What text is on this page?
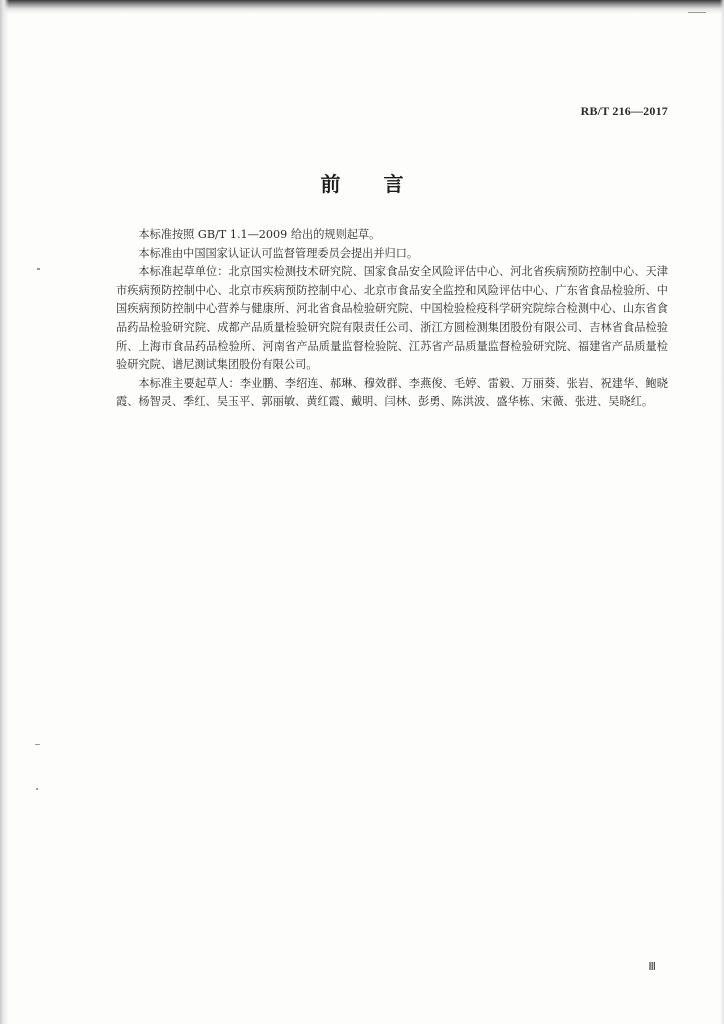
RB/T 216—2017
前 言

本标准按照 GB/T 1.1—2009 给出的规则起草。

本标准由中国国家认证认可监督管理委员会提出并归口。

本标准起草单位：北京国实检测技术研究院、国家食品安全风险评估中心、河北省疾病预防控制中心、天津市疾病预防控制中心、北京市疾病预防控制中心、北京市食品安全监控和风险评估中心、广东省食品检验所、中国疾病预防控制中心营养与健康所、河北省食品检验研究院、中国检验检疫科学研究院综合检测中心、山东省食品药品检验研究院、成都产品质量检验研究院有限责任公司、浙江方圆检测集团股份有限公司、吉林省食品检验所、上海市食品药品检验所、河南省产品质量监督检验院、江苏省产品质量监督检验研究院、福建省产品质量检验研究院、谱尼测试集团股份有限公司。

本标准主要起草人：李业鹏、李绍连、郝琳、穆效群、李燕俊、毛婷、雷毅、万丽葵、张岩、祝建华、鲍晓霞、杨智灵、季红、吴玉平、郭丽敏、黄红霞、戴明、闫林、彭勇、陈洪波、盛华栋、宋薇、张进、吴晓红。

Ⅲ
